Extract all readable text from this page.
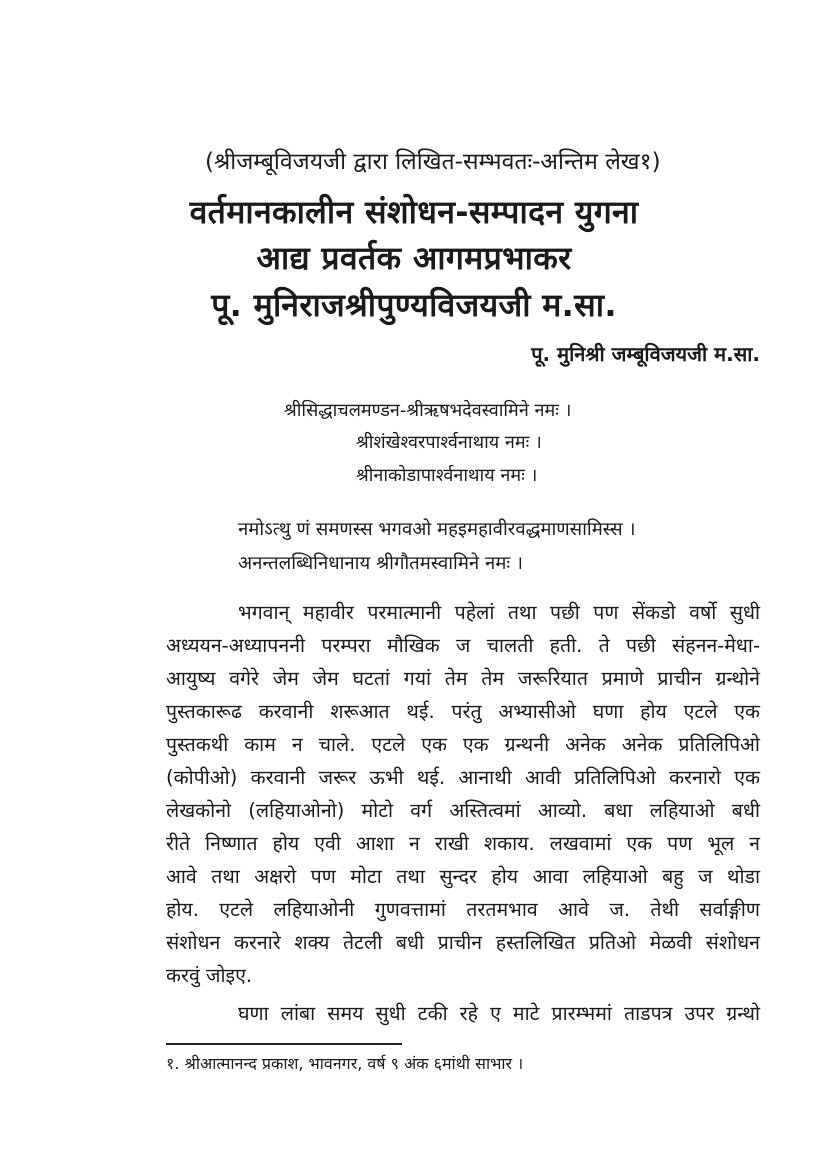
(श्रीजम्बूविजयजी द्वारा लिखित-सम्भवतः-अन्तिम लेख१)
वर्तमानकालीन संशोधन-सम्पादन युगना
आद्य प्रवर्तक आगमप्रभाकर
पू. मुनिराजश्रीपुण्यविजयजी म.सा.
पू. मुनिश्री जम्बूविजयजी म.सा.
श्रीसिद्धाचलमण्डन-श्रीऋषभदेवस्वामिने नमः ।
श्रीशंखेश्वरपार्श्वनाथाय नमः ।
श्रीनाकोडापार्श्वनाथाय नमः ।
नमोऽत्थु णं समणस्स भगवओ महइमहावीरवद्धमाणसामिस्स ।
अनन्तलब्धिनिधानाय श्रीगौतमस्वामिने नमः ।
भगवान् महावीर परमात्मानी पहेलां तथा पछी पण सेंकडो वर्षो सुधी
अध्ययन-अध्यापननी परम्परा मौखिक ज चालती हती. ते पछी संहनन-मेधा-
आयुष्य वगेरे जेम जेम घटतां गयां तेम तेम जरूरियात प्रमाणे प्राचीन ग्रन्थोने
पुस्तकारूढ करवानी शरूआत थई. परंतु अभ्यासीओ घणा होय एटले एक
पुस्तकथी काम न चाले. एटले एक एक ग्रन्थनी अनेक अनेक प्रतिलिपिओ
(कोपीओ) करवानी जरूर ऊभी थई. आनाथी आवी प्रतिलिपिओ करनारो एक
लेखकोनो (लहियाओनो) मोटो वर्ग अस्तित्वमां आव्यो. बधा लहियाओ बधी
रीते निष्णात होय एवी आशा न राखी शकाय. लखवामां एक पण भूल न
आवे तथा अक्षरो पण मोटा तथा सुन्दर होय आवा लहियाओ बहु ज थोडा
होय. एटले लहियाओनी गुणवत्तामां तरतमभाव आवे ज. तेथी सर्वाङ्गीण
संशोधन करनारे शक्य तेटली बधी प्राचीन हस्तलिखित प्रतिओ मेळवी संशोधन
करवुं जोइए.
घणा लांबा समय सुधी टकी रहे ए माटे प्रारम्भमां ताडपत्र उपर ग्रन्थो
१. श्रीआत्मानन्द प्रकाश, भावनगर, वर्ष ९ अंक ६मांथी साभार ।
